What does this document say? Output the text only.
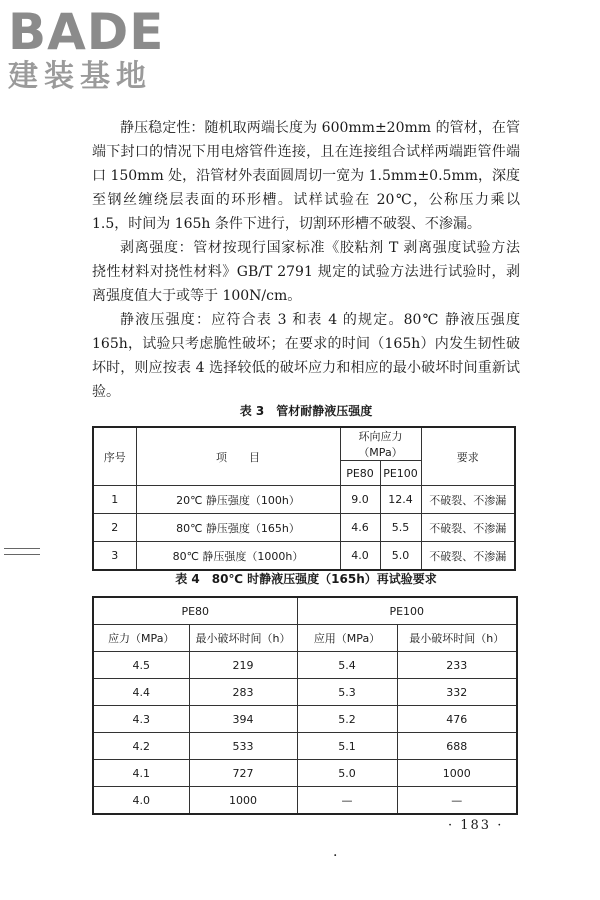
BADE
建装基地

静压稳定性：随机取两端长度为 600mm±20mm 的管材，在管端下封口的情况下用电熔管件连接，且在连接组合试样两端距管件端口 150mm 处，沿管材外表面圆周切一宽为 1.5mm±0.5mm，深度至钢丝缠绕层表面的环形槽。试样试验在 20℃，公称压力乘以 1.5，时间为 165h 条件下进行，切割环形槽不破裂、不渗漏。

剥离强度：管材按现行国家标准《胶粘剂 T 剥离强度试验方法　挠性材料对挠性材料》GB/T 2791 规定的试验方法进行试验时，剥离强度值大于或等于 100N/cm。

静液压强度：应符合表 3 和表 4 的规定。80℃ 静液压强度 165h，试验只考虑脆性破坏；在要求的时间（165h）内发生韧性破坏时，则应按表 4 选择较低的破坏应力和相应的最小破坏时间重新试验。

表 3　管材耐静液压强度
序号	项　　目	环向应力（MPa）		要求
		PE80	PE100	
1	20℃ 静压强度（100h）	9.0	12.4	不破裂、不渗漏
2	80℃ 静压强度（165h）	4.6	5.5	不破裂、不渗漏
3	80℃ 静压强度（1000h）	4.0	5.0	不破裂、不渗漏
表 4　80℃ 时静液压强度（165h）再试验要求
PE80		PE100	
应力（MPa）	最小破坏时间（h）	应用（MPa）	最小破坏时间（h）
4.5	219	5.4	233
4.4	283	5.3	332
4.3	394	5.2	476
4.2	533	5.1	688
4.1	727	5.0	1000
4.0	1000	—	—
· 183 ·
·
